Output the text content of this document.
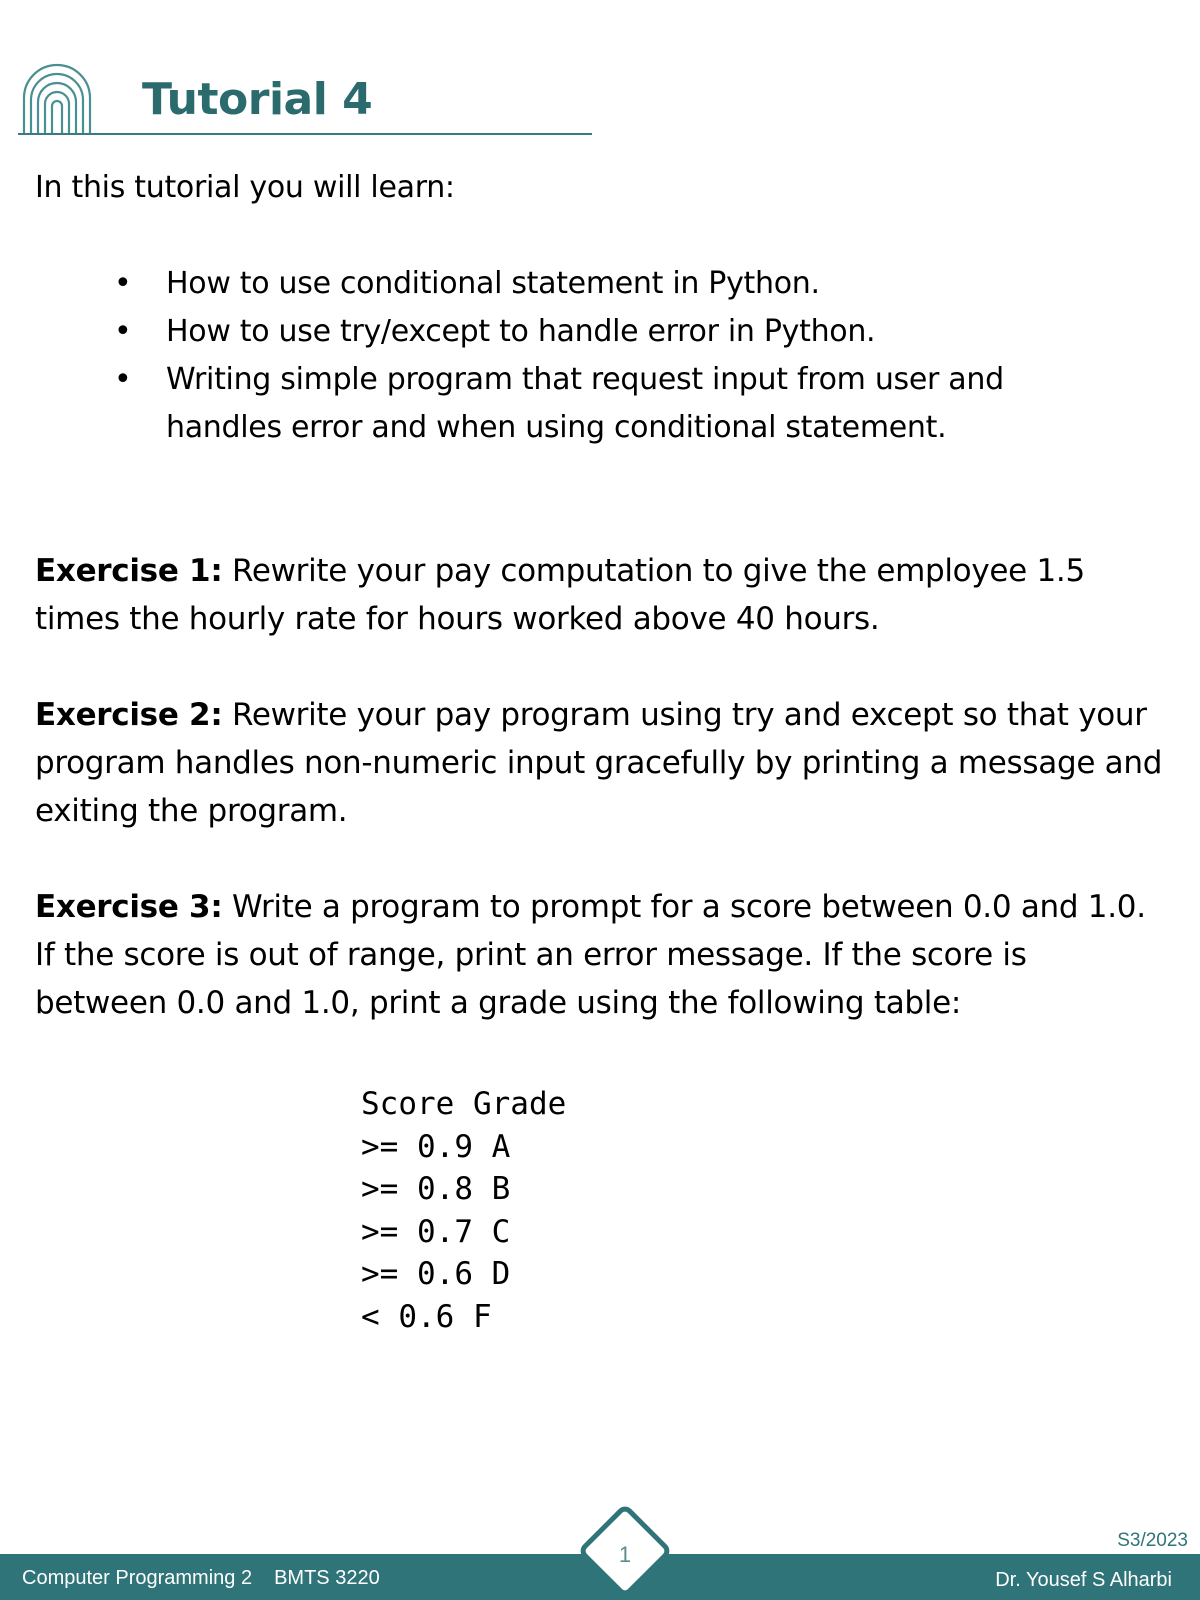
Tutorial 4
In this tutorial you will learn:
• How to use conditional statement in Python.
• How to use try/except to handle error in Python.
• Writing simple program that request input from user and handles error and when using conditional statement.

Exercise 1: Rewrite your pay computation to give the employee 1.5 times the hourly rate for hours worked above 40 hours.

Exercise 2: Rewrite your pay program using try and except so that your program handles non-numeric input gracefully by printing a message and exiting the program.

Exercise 3: Write a program to prompt for a score between 0.0 and 1.0. If the score is out of range, print an error message. If the score is between 0.0 and 1.0, print a grade using the following table:

Score Grade
>= 0.9 A
>= 0.8 B
>= 0.7 C
>= 0.6 D
< 0.6 F
S3/2023
Computer Programming 2 BMTS 3220	Dr. Yousef S Alharbi
1
